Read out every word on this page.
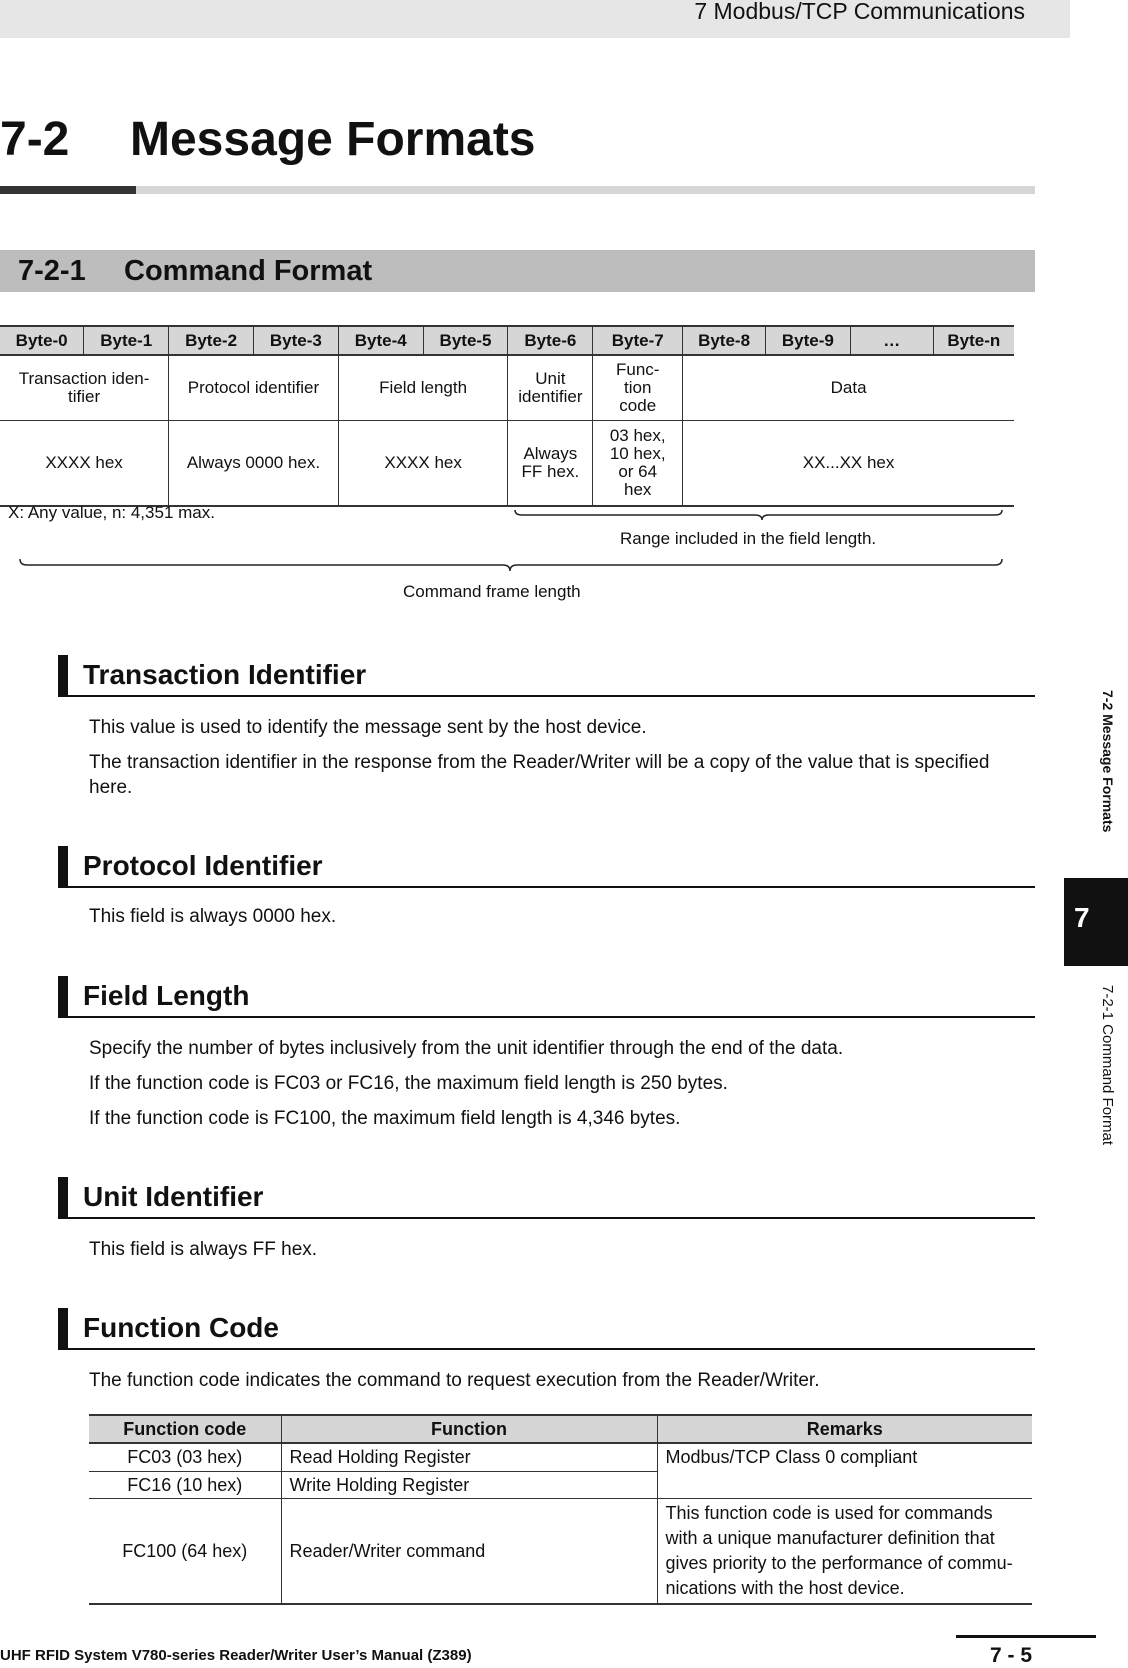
7 Modbus/TCP Communications
7-2 Message Formats
7-2-1 Command Format
Byte-0	Byte-1	Byte-2	Byte-3	Byte-4	Byte-5	Byte-6	Byte-7	Byte-8	Byte-9	…	Byte-n
Transaction iden-tifier		Protocol identifier		Field length		Unit identifier	Func-tion code	Data			
XXXX hex		Always 0000 hex.		XXXX hex		Always FF hex.	03 hex, 10 hex, or 64 hex	XX...XX hex			
X: Any value, n: 4,351 max.
Range included in the field length.
Command frame length
Transaction Identifier
This value is used to identify the message sent by the host device.
The transaction identifier in the response from the Reader/Writer will be a copy of the value that is specified here.
Protocol Identifier
This field is always 0000 hex.
Field Length
Specify the number of bytes inclusively from the unit identifier through the end of the data.
If the function code is FC03 or FC16, the maximum field length is 250 bytes.
If the function code is FC100, the maximum field length is 4,346 bytes.
Unit Identifier
This field is always FF hex.
Function Code
The function code indicates the command to request execution from the Reader/Writer.
Function code	Function	Remarks
FC03 (03 hex)	Read Holding Register	Modbus/TCP Class 0 compliant
FC16 (10 hex)	Write Holding Register	
FC100 (64 hex)	Reader/Writer command	This function code is used for commands with a unique manufacturer definition that gives priority to the performance of commu-nications with the host device.
7-2 Message Formats
7
7-2-1 Command Format
UHF RFID System V780-series Reader/Writer User’s Manual (Z389)	7 - 5
